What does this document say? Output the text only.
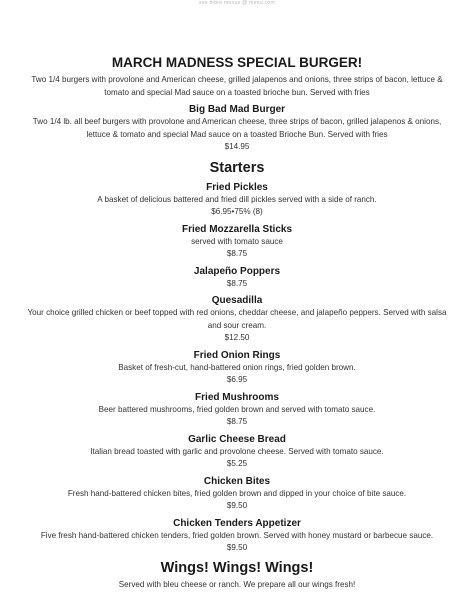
see more menus @ menu.com
MARCH MADNESS SPECIAL BURGER!
Two 1/4 burgers with provolone and American cheese, grilled jalapenos and onions, three strips of bacon, lettuce & tomato and special Mad sauce on a toasted brioche bun. Served with fries
Big Bad Mad Burger
Two 1/4 lb. all beef burgers with provolone and American cheese, three strips of bacon, grilled jalapenos & onions, lettuce & tomato and special Mad sauce on a toasted Brioche Bun. Served with fries
$14.95
Starters
Fried Pickles
A basket of delicious battered and fried dill pickles served with a side of ranch.
$6.95•75% (8)
Fried Mozzarella Sticks
served with tomato sauce
$8.75
Jalapeño Poppers
$8.75
Quesadilla
Your choice grilled chicken or beef topped with red onions, cheddar cheese, and jalapeño peppers. Served with salsa and sour cream.
$12.50
Fried Onion Rings
Basket of fresh-cut, hand-battered onion rings, fried golden brown.
$6.95
Fried Mushrooms
Beer battered mushrooms, fried golden brown and served with tomato sauce.
$8.75
Garlic Cheese Bread
Italian bread toasted with garlic and provolone cheese. Served with tomato sauce.
$5.25
Chicken Bites
Fresh hand-battered chicken bites, fried golden brown and dipped in your choice of bite sauce.
$9.50
Chicken Tenders Appetizer
Five fresh hand-battered chicken tenders, fried golden brown. Served with honey mustard or barbecue sauce.
$9.50
Wings! Wings! Wings!
Served with bleu cheese or ranch. We prepare all our wings fresh!
